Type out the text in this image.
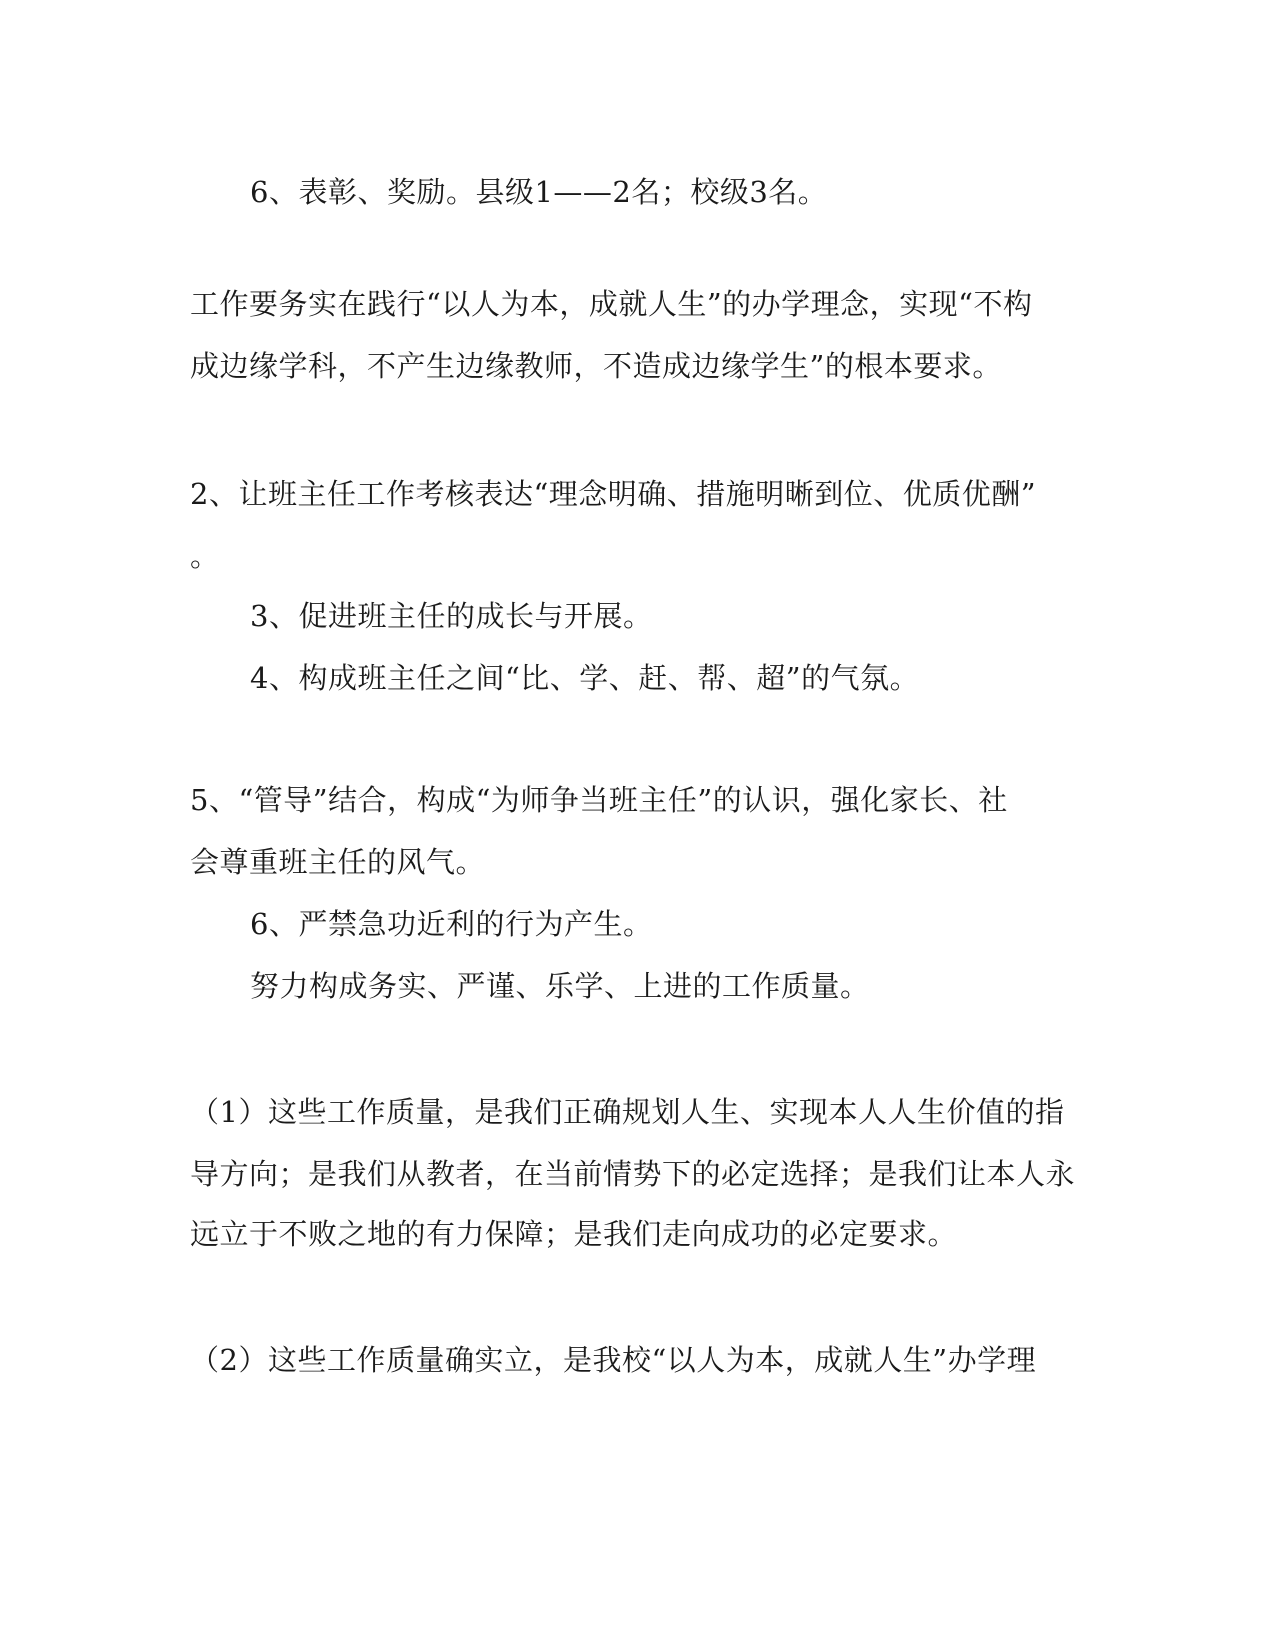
6、表彰、奖励。县级1——2名；校级3名。
工作要务实在践行“以人为本，成就人生”的办学理念，实现“不构
成边缘学科，不产生边缘教师，不造成边缘学生”的根本要求。
2、让班主任工作考核表达“理念明确、措施明晰到位、优质优酬”
。
3、促进班主任的成长与开展。
4、构成班主任之间“比、学、赶、帮、超”的气氛。
5、“管导”结合，构成“为师争当班主任”的认识，强化家长、社
会尊重班主任的风气。
6、严禁急功近利的行为产生。
努力构成务实、严谨、乐学、上进的工作质量。
（1）这些工作质量，是我们正确规划人生、实现本人人生价值的指
导方向；是我们从教者，在当前情势下的必定选择；是我们让本人永
远立于不败之地的有力保障；是我们走向成功的必定要求。
（2）这些工作质量确实立，是我校“以人为本，成就人生”办学理
